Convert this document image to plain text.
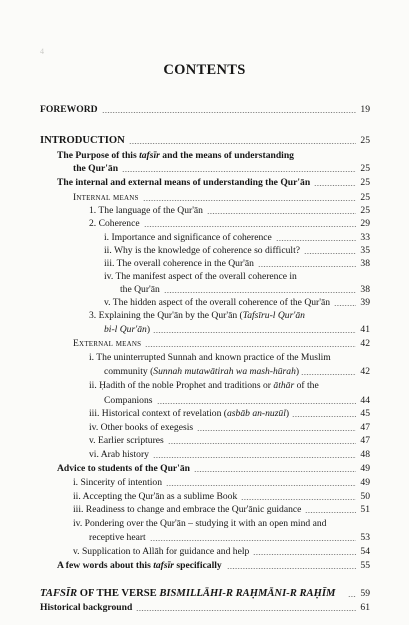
4
CONTENTS
FOREWORD	19
INTRODUCTION	25
The Purpose of this tafsīr and the means of understanding
the Qur'ān	25
The internal and external means of understanding the Qur'ān	25
Internal means	25
1. The language of the Qur'ān	25
2. Coherence	29
i. Importance and significance of coherence	33
ii. Why is the knowledge of coherence so difficult?	35
iii. The overall coherence in the Qur'ān	38
iv. The manifest aspect of the overall coherence in
the Qur'ān	38
v. The hidden aspect of the overall coherence of the Qur'ān	39
3. Explaining the Qur'ān by the Qur'ān (Tafsīru-l Qur'ān
bi-l Qur'ān)	41
External means	42
i. The uninterrupted Sunnah and known practice of the Muslim
community (Sunnah mutawātirah wa mash-hūrah)	42
ii. Ḥadith of the noble Prophet and traditions or āthār of the
Companions	44
iii. Historical context of revelation (asbāb an-nuzūl)	45
iv. Other books of exegesis	47
v. Earlier scriptures	47
vi. Arab history	48
Advice to students of the Qur'ān	49
i. Sincerity of intention	49
ii. Accepting the Qur'ān as a sublime Book	50
iii. Readiness to change and embrace the Qur'ānic guidance	51
iv. Pondering over the Qur'ān – studying it with an open mind and
receptive heart	53
v. Supplication to Allāh for guidance and help	54
A few words about this tafsīr specifically	55
TAFSĪR OF THE VERSE BISMILLĀHI-R RAḤMĀNI-R RAḤĪM	59
Historical background	61
